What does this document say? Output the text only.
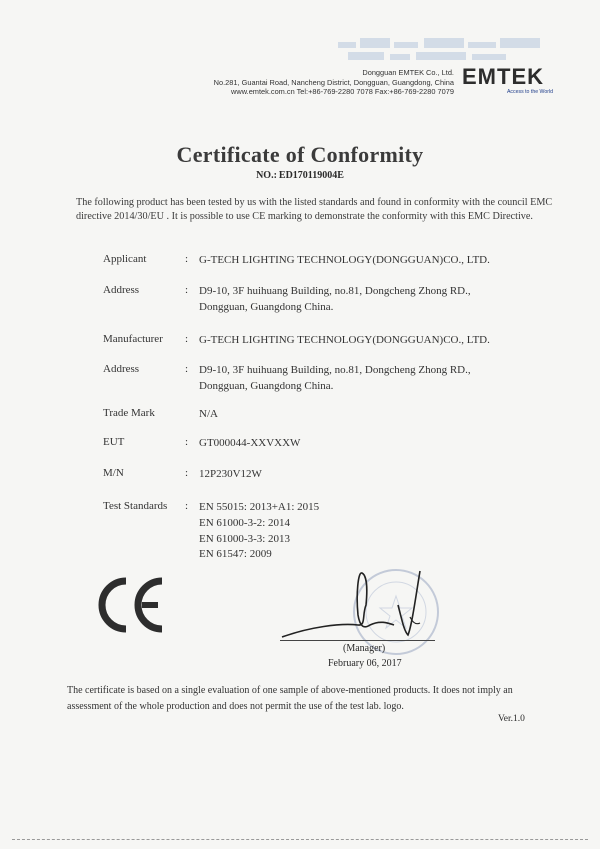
Dongguan EMTEK Co., Ltd.
No.281, Guantai Road, Nancheng District, Dongguan, Guangdong, China
www.emtek.com.cn Tel:+86-769-2280 7078 Fax:+86-769-2280 7079
EMTEK
Access to the World
Certificate of Conformity
NO.: ED170119004E
The following product has been tested by us with the listed standards and found in conformity with the council EMC directive 2014/30/EU . It is possible to use CE marking to demonstrate the conformity with this EMC Directive.
Applicant	: G-TECH LIGHTING TECHNOLOGY(DONGGUAN)CO., LTD.
Address	: D9-10, 3F huihuang Building, no.81, Dongcheng Zhong RD.,
Dongguan, Guangdong China.
Manufacturer : G-TECH LIGHTING TECHNOLOGY(DONGGUAN)CO., LTD.
Address	: D9-10, 3F huihuang Building, no.81, Dongcheng Zhong RD.,
Dongguan, Guangdong China.
Trade Mark	N/A
EUT	: GT000044-XXVXXW
M/N	: 12P230V12W
Test Standards : EN 55015: 2013+A1: 2015
EN 61000-3-2: 2014
EN 61000-3-3: 2013
EN 61547: 2009
(Manager)
February 06, 2017
The certificate is based on a single evaluation of one sample of above-mentioned products. It does not imply an assessment of the whole production and does not permit the use of the test lab. logo.
Ver.1.0
